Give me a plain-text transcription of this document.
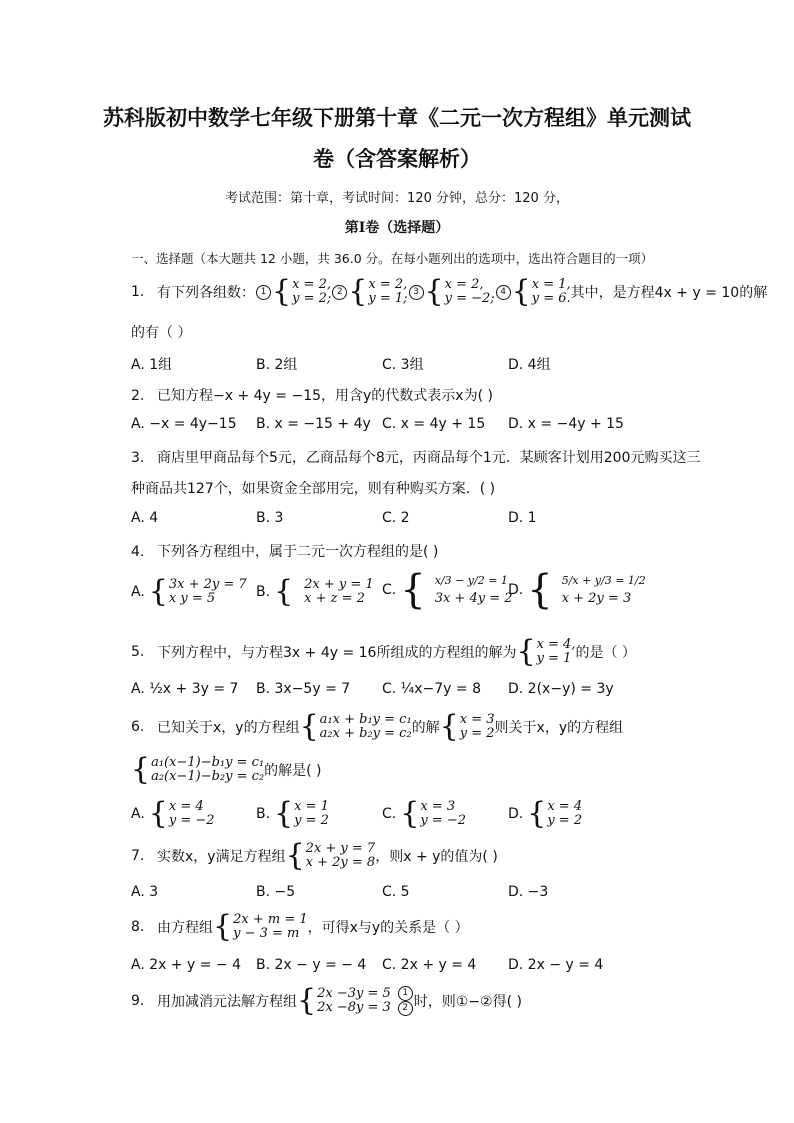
苏科版初中数学七年级下册第十章《二元一次方程组》单元测试
卷（含答案解析）
考试范围：第十章，考试时间：120 分钟，总分：120 分，
第Ⅰ卷（选择题）
一、选择题（本大题共 12 小题，共 36.0 分。在每小题列出的选项中，选出符合题目的一项）
1. 有下列各组数： 1 { x = 2,
y = 2; 2 { x = 2,
y = 1; 3 { x = 2,
y = −2; 4 { x = 1,
y = 6. 其中，是方程4x + y = 10的解
的有（ ）
A. 1组	B. 2组	C. 3组	D. 4组
2. 已知方程−x + 4y = −15，用含y的代数式表示x为( )
A. −x = 4y−15 B. x = −15 + 4y C. x = 4y + 15 D. x = −4y + 15
3. 商店里甲商品每个5元，乙商品每个8元，丙商品每个1元．某顾客计划用200元购买这三
种商品共127个，如果资金全部用完，则有种购买方案．( )
A. 4	B. 3	C. 2	D. 1
4. 下列各方程组中，属于二元一次方程组的是( )
A. { 3x + 2y = 7
x y = 5	B. { 2x + y = 1
x + z = 2
C. { x/3 − y/2 = 1
3x + 4y = 2
D. { 5/x + y/3 = 1/2
x + 2y = 3
5. 下列方程中，与方程3x + 4y = 16所组成的方程组的解为 { x = 4,
y = 1 的是（ ）
A. ½x + 3y = 7 B. 3x−5y = 7 C. ¼x−7y = 8 D. 2(x−y) = 3y
6. 已知关于x，y的方程组 { a₁x + b₁y = c₁
a₂x + b₂y = c₂ 的解 { x = 3
y = 2 则关于x，y的方程组
{ a₁(x−1)−b₁y = c₁
a₂(x−1)−b₂y = c₂ 的解是( )
A. { x = 4
y = −2	B. { x = 1
y = 2	C. { x = 3
y = −2	D. { x = 4
y = 2
7. 实数x，y满足方程组 { 2x + y = 7
x + 2y = 8 ，则x + y的值为( )
A. 3	B. −5	C. 5	D. −3
8. 由方程组 { 2x + m = 1
y − 3 = m ，可得x与y的关系是（ ）
A. 2x + y = − 4 B. 2x − y = − 4 C. 2x + y = 4 D. 2x − y = 4
9. 用加减消元法解方程组 { 2x −3y = 5
2x −8y = 3
1
2 时，则①−②得( )
